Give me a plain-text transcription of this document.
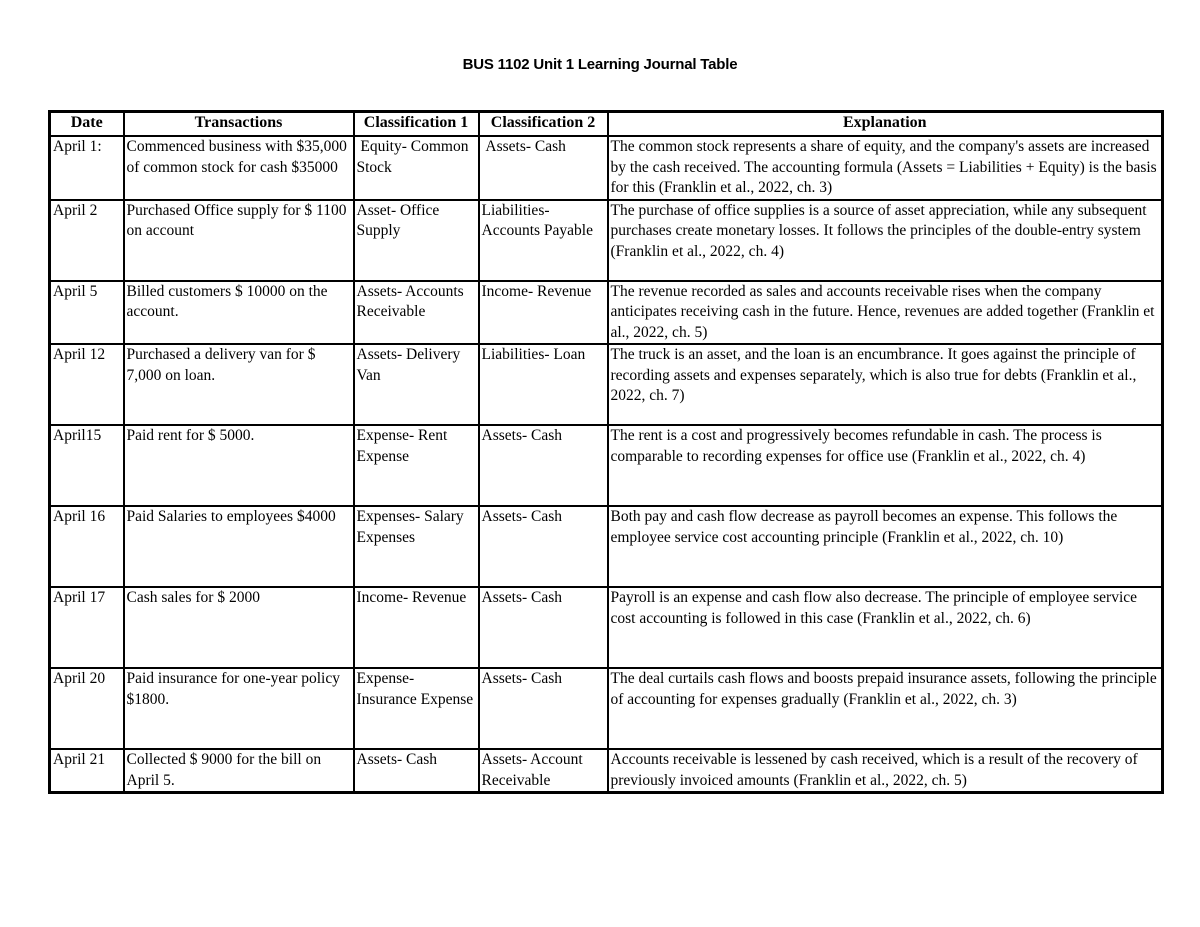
BUS 1102 Unit 1 Learning Journal Table
Date	Transactions	Classification 1	Classification 2	Explanation
April 1:	Commenced business with $35,000 of common stock for cash $35000	Equity- Common Stock	Assets- Cash	The common stock represents a share of equity, and the company's assets are increased by the cash received. The accounting formula (Assets = Liabilities + Equity) is the basis for this (Franklin et al., 2022, ch. 3)
April 2	Purchased Office supply for $ 1100 on account	Asset- Office Supply	Liabilities- Accounts Payable	The purchase of office supplies is a source of asset appreciation, while any subsequent purchases create monetary losses. It follows the principles of the double-entry system (Franklin et al., 2022, ch. 4)
April 5	Billed customers $ 10000 on the account.	Assets- Accounts Receivable	Income- Revenue	The revenue recorded as sales and accounts receivable rises when the company anticipates receiving cash in the future. Hence, revenues are added together (Franklin et al., 2022, ch. 5)
April 12	Purchased a delivery van for $ 7,000 on loan.	Assets- Delivery Van	Liabilities- Loan	The truck is an asset, and the loan is an encumbrance. It goes against the principle of recording assets and expenses separately, which is also true for debts (Franklin et al., 2022, ch. 7)
April15	Paid rent for $ 5000.	Expense- Rent Expense	Assets- Cash	The rent is a cost and progressively becomes refundable in cash. The process is comparable to recording expenses for office use (Franklin et al., 2022, ch. 4)
April 16	Paid Salaries to employees $4000	Expenses- Salary Expenses	Assets- Cash	Both pay and cash flow decrease as payroll becomes an expense. This follows the employee service cost accounting principle (Franklin et al., 2022, ch. 10)
April 17	Cash sales for $ 2000	Income- Revenue	Assets- Cash	Payroll is an expense and cash flow also decrease. The principle of employee service cost accounting is followed in this case (Franklin et al., 2022, ch. 6)
April 20	Paid insurance for one-year policy $1800.	Expense- Insurance Expense	Assets- Cash	The deal curtails cash flows and boosts prepaid insurance assets, following the principle of accounting for expenses gradually (Franklin et al., 2022, ch. 3)
April 21	Collected $ 9000 for the bill on April 5.	Assets- Cash	Assets- Account Receivable	Accounts receivable is lessened by cash received, which is a result of the recovery of previously invoiced amounts (Franklin et al., 2022, ch. 5)
